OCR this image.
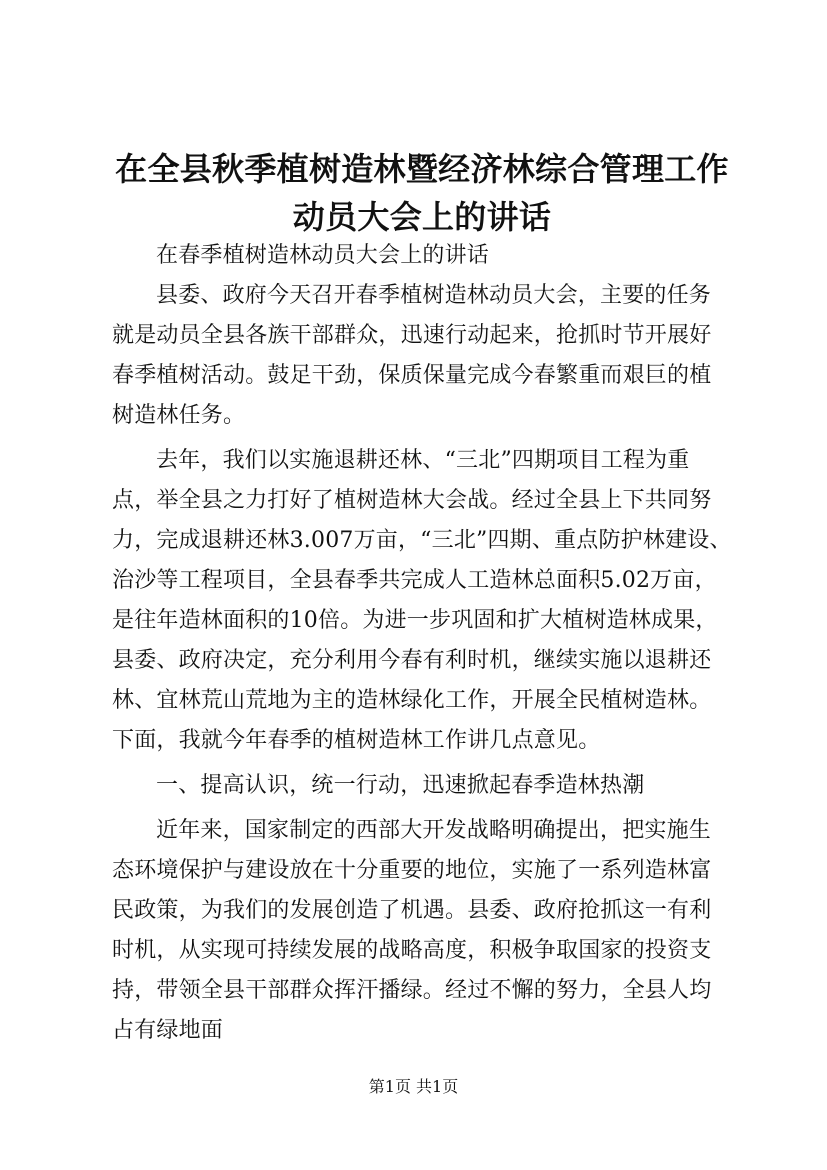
在全县秋季植树造林暨经济林综合管理工作动员大会上的讲话

在春季植树造林动员大会上的讲话

县委、政府今天召开春季植树造林动员大会，主要的任务就是动员全县各族干部群众，迅速行动起来，抢抓时节开展好春季植树活动。鼓足干劲，保质保量完成今春繁重而艰巨的植树造林任务。

去年，我们以实施退耕还林、“三北”四期项目工程为重点，举全县之力打好了植树造林大会战。经过全县上下共同努力，完成退耕还林3.007万亩，“三北”四期、重点防护林建设、治沙等工程项目，全县春季共完成人工造林总面积5.02万亩，是往年造林面积的10倍。为进一步巩固和扩大植树造林成果，县委、政府决定，充分利用今春有利时机，继续实施以退耕还林、宜林荒山荒地为主的造林绿化工作，开展全民植树造林。下面，我就今年春季的植树造林工作讲几点意见。

一、提高认识，统一行动，迅速掀起春季造林热潮

近年来，国家制定的西部大开发战略明确提出，把实施生态环境保护与建设放在十分重要的地位，实施了一系列造林富民政策，为我们的发展创造了机遇。县委、政府抢抓这一有利时机，从实现可持续发展的战略高度，积极争取国家的投资支持，带领全县干部群众挥汗播绿。经过不懈的努力，全县人均占有绿地面

第1页 共1页
